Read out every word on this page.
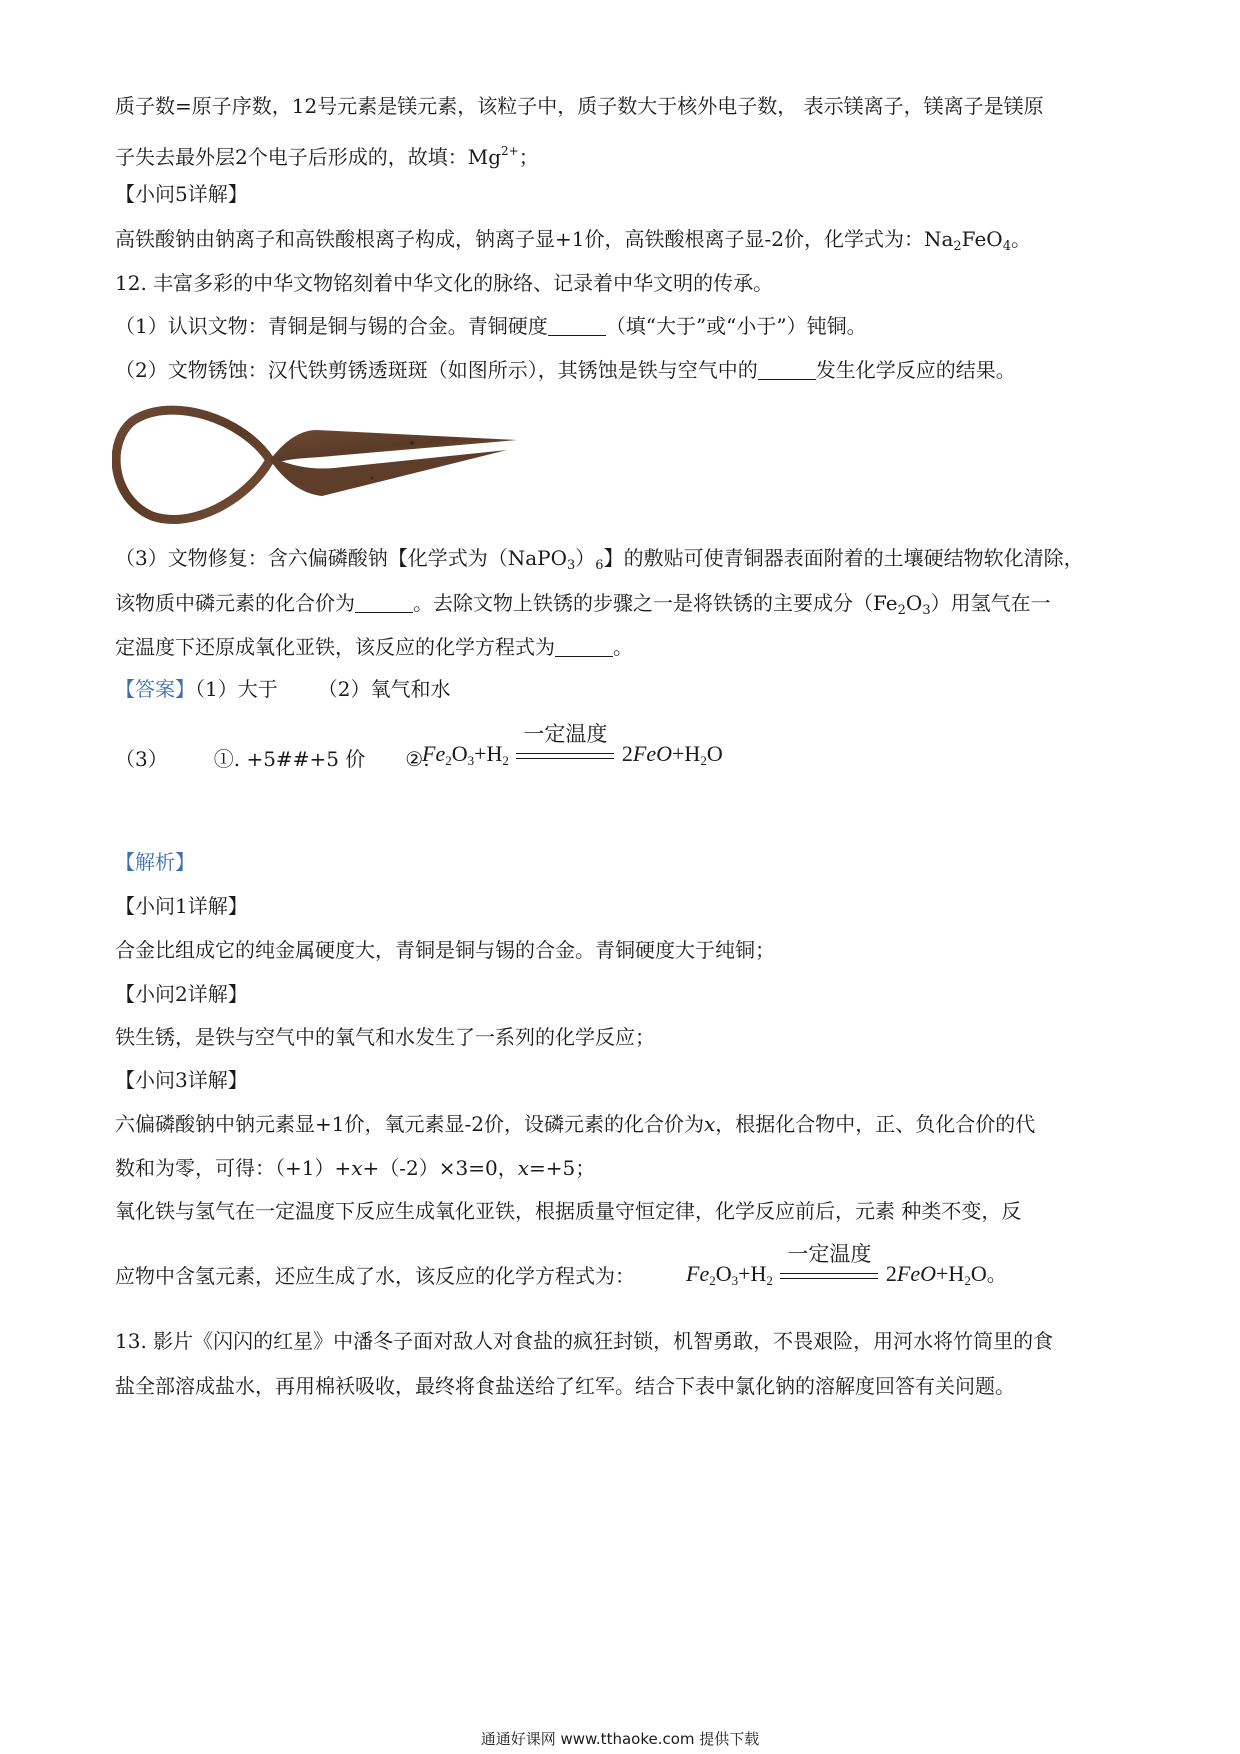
质子数=原子序数，12号元素是镁元素，该粒子中，质子数大于核外电子数， 表示镁离子，镁离子是镁原
子失去最外层2个电子后形成的，故填：$Mg^{2+}$；
【小问5详解】
高铁酸钠由钠离子和高铁酸根离子构成，钠离子显+1价，高铁酸根离子显-2价，化学式为：$Na_2FeO_4$。
12. 丰富多彩的中华文物铭刻着中华文化的脉络、记录着中华文明的传承。
（1）认识文物：青铜是铜与锡的合金。青铜硬度	（填“大于”或“小于”）钝铜。
（2）文物锈蚀：汉代铁剪锈透斑斑（如图所示），其锈蚀是铁与空气中的	发生化学反应的结果。
（3）文物修复：含六偏磷酸钠【化学式为$(NaPO_3)_6$】的敷贴可使青铜器表面附着的土壤硬结物软化清除，
该物质中磷元素的化合价为	。去除文物上铁锈的步骤之一是将铁锈的主要成分$(Fe_2O_3)$用氢气在一
定温度下还原成氧化亚铁，该反应的化学方程式为	。
【答案】（1）大于 （2）氧气和水
（3） ①. +5##+5 价 ②.
$Fe_2O_3+H_2$
一定温度
$2FeO+H_2O$
【解析】
【小问1详解】
合金比组成它的纯金属硬度大，青铜是铜与锡的合金。青铜硬度大于纯铜；
【小问2详解】
铁生锈，是铁与空气中的氧气和水发生了一系列的化学反应；
【小问3详解】
六偏磷酸钠中钠元素显+1价，氧元素显-2价，设磷元素的化合价为x，根据化合物中，正、负化合价的代
数和为零，可得：（+1）+x+（-2）×3=0，x=+5；
氧化铁与氢气在一定温度下反应生成氧化亚铁，根据质量守恒定律，化学反应前后，元素 种类不变，反
应物中含氢元素，还应生成了水，该反应的化学方程式为： $Fe_2O_3+H_2$
一定温度
$2FeO+H_2O$。
13. 影片《闪闪的红星》中潘冬子面对敌人对食盐的疯狂封锁，机智勇敢，不畏艰险，用河水将竹筒里的食
盐全部溶成盐水，再用棉袄吸收，最终将食盐送给了红军。结合下表中氯化钠的溶解度回答有关问题。
通通好课网 www.tthaoke.com 提供下载
